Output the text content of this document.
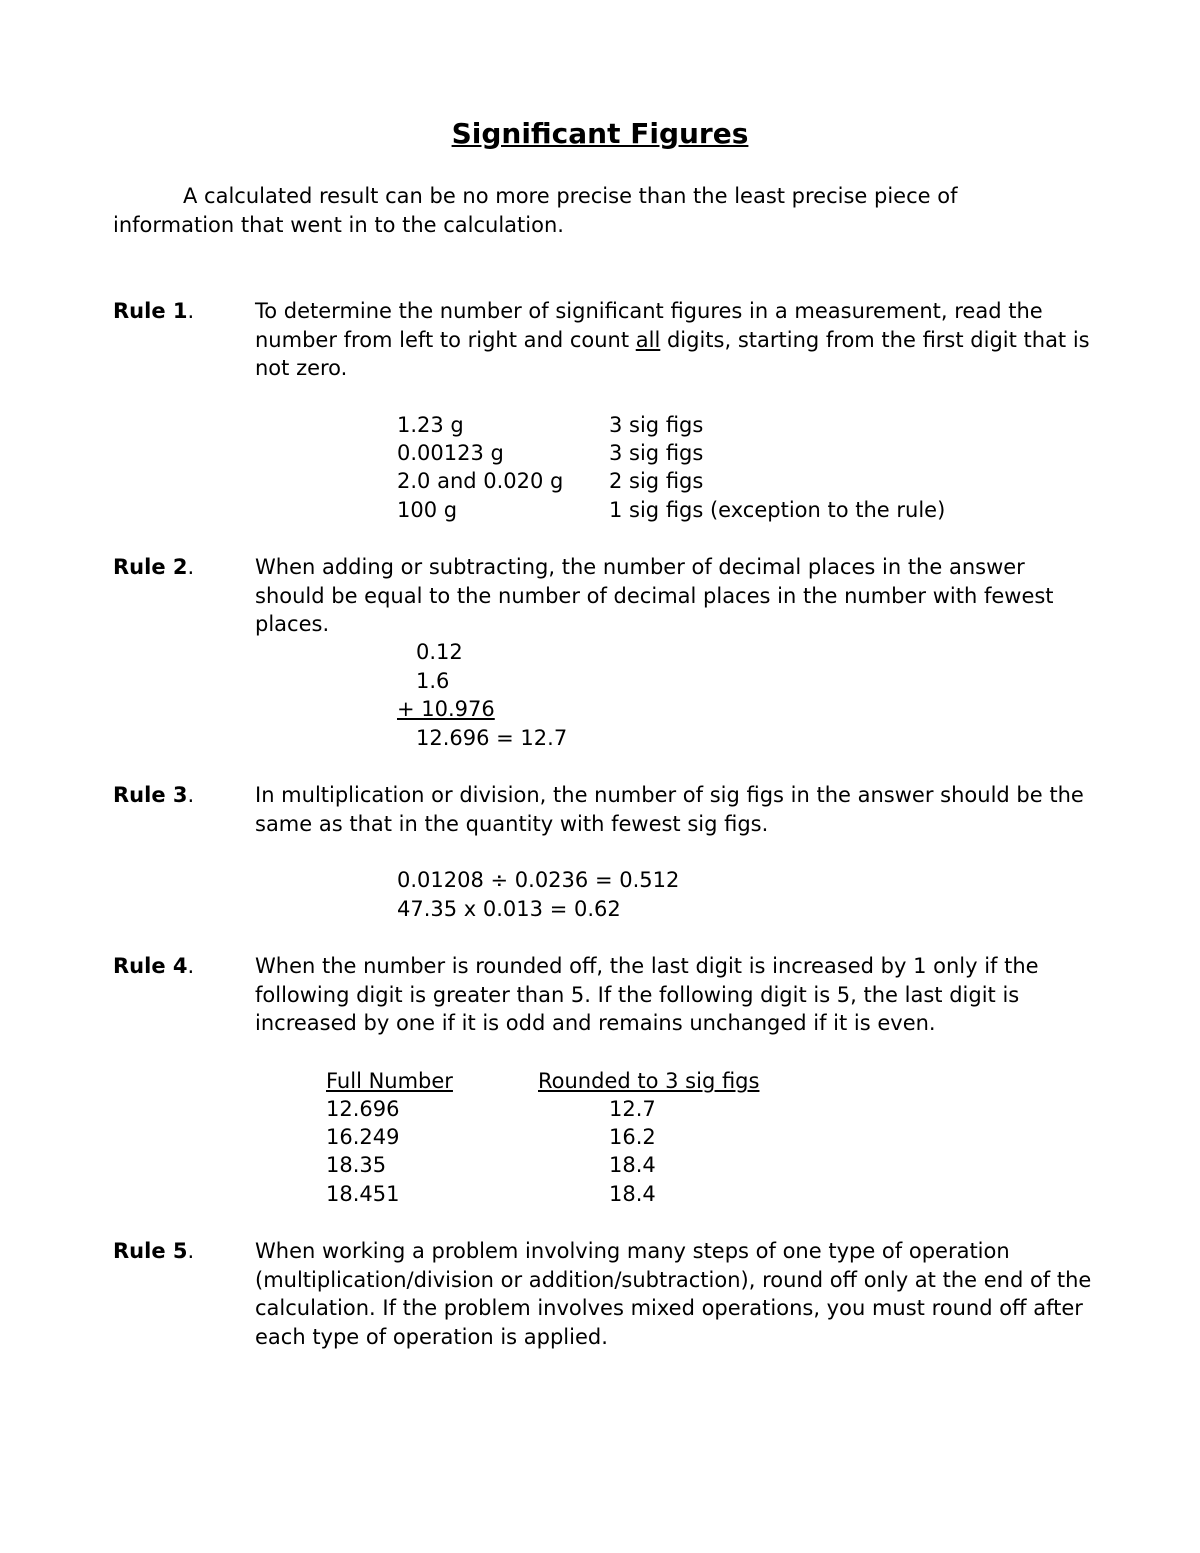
Significant Figures
A calculated result can be no more precise than the least precise piece of information that went in to the calculation.
Rule 1.	To determine the number of significant figures in a measurement, read the number from left to right and count all digits, starting from the first digit that is not zero.
1.23 g	3 sig figs
0.00123 g	3 sig figs
2.0 and 0.020 g 2 sig figs
100 g	1 sig figs (exception to the rule)
Rule 2.	When adding or subtracting, the number of decimal places in the answer should be equal to the number of decimal places in the number with fewest places.
0.12
1.6
+ 10.976
12.696 = 12.7
Rule 3.	In multiplication or division, the number of sig figs in the answer should be the same as that in the quantity with fewest sig figs.
0.01208 ÷ 0.0236 = 0.512
47.35 x 0.013 = 0.62
Rule 4.	When the number is rounded off, the last digit is increased by 1 only if the following digit is greater than 5. If the following digit is 5, the last digit is increased by one if it is odd and remains unchanged if it is even.
Full Number	Rounded to 3 sig figs
12.696	12.7
16.249	16.2
18.35	18.4
18.451	18.4
Rule 5.	When working a problem involving many steps of one type of operation (multiplication/division or addition/subtraction), round off only at the end of the calculation. If the problem involves mixed operations, you must round off after each type of operation is applied.
